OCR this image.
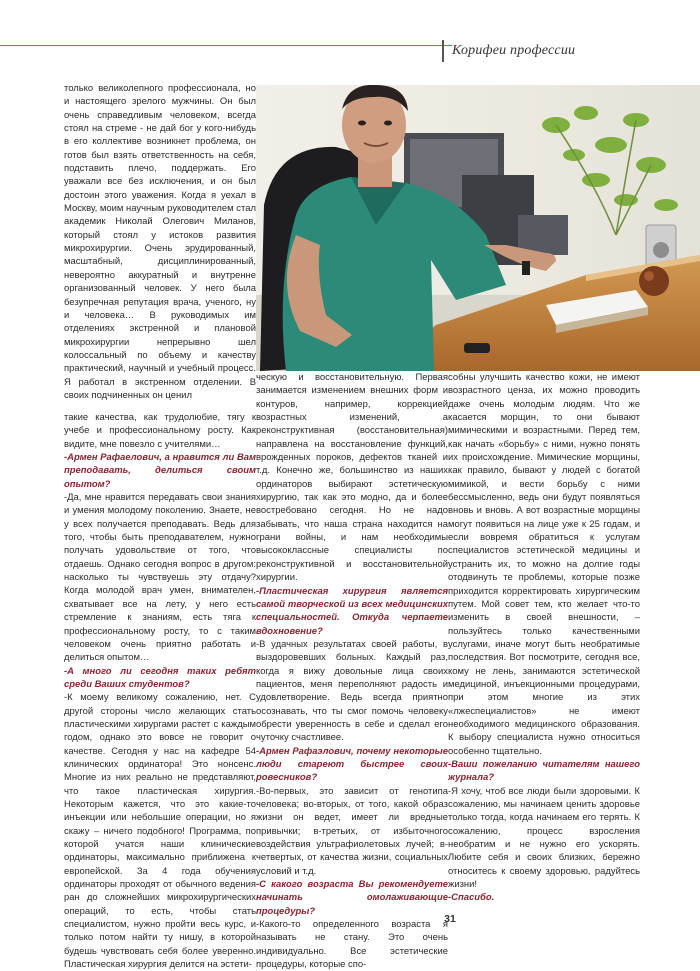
Корифеи профессии

только великолепного профессионала, но и настоящего зрелого мужчины. Он был очень справедливым человеком, всегда стоял на стреме - не дай бог у кого-нибудь в его коллективе возникнет проблема, он готов был взять ответственность на себя, подставить плечо, поддержать. Его уважали все без исключения, и он был достоин этого уважения. Когда я уехал в Москву, моим научным руководителем стал академик Николай Олегович Миланов, который стоял у истоков развития микрохирургии. Очень эрудированный, масштабный, дисциплинированный, невероятно аккуратный и внутренне организованный человек. У него была безупречная репутация врача, ученого, ну и человека… В руководимых им отделениях экстренной и плановой микрохирургии непрерывно шел колоссальный по объему и качеству практический, научный и учебный процесс. Я работал в экстренном отделении. В своих подчиненных он ценил

такие качества, как трудолюбие, тягу к учебе и профессиональному росту. Как видите, мне повезло с учителями…

-Армен Рафаелович, а нравится ли Вам преподавать, делиться своим опытом?

-Да, мне нравится передавать свои знания и умения молодому поколению. Знаете, не у всех получается преподавать. Ведь для того, чтобы быть преподавателем, нужно получать удовольствие от того, что отдаешь. Однако сегодня вопрос в другом: насколько ты чувствуешь эту отдачу? Когда молодой врач умен, внимателен, схватывает все на лету, у него есть стремление к знаниям, есть тяга к профессиональному росту, то с таким человеком очень приятно работать и делиться опытом…

-А много ли сегодня таких ребят среди Ваших студентов?

-К моему великому сожалению, нет. С другой стороны число желающих стать пластическими хирургами растет с каждым годом, однако это вовсе не говорит о качестве. Сегодня у нас на кафедре 54 клинических ординатора! Это нонсенс. Многие из них реально не представляют, что такое пластическая хирургия. Некоторым кажется, что это какие-то инъекции или небольшие операции, но я скажу – ничего подобного! Программа, по которой учатся наши клинические ординаторы, максимально приближена к европейской. За 4 года обучения ординаторы проходят от обычного ведения ран до сложнейших микрохирургических операций, то есть, чтобы стать специалистом, нужно пройти весь курс, и только потом найти ту нишу, в которой будешь чувствовать себя более уверенно. Пластическая хирургия делится на эстети-

ческую и восстановительную. Первая занимается изменением внешних форм и контуров, например, коррекцией возрастных изменений, а реконструктивная (восстановительная) направлена на восстановление функций, врожденных пороков, дефектов тканей и т.д. Конечно же, большинство из наших ординаторов выбирают эстетическую хирургию, так как это модно, да и более востребовано сегодня. Но не надо забывать, что наша страна находится на грани войны, и нам необходимы высококлассные специалисты по реконструктивной и восстановительной хирургии.

-Пластическая хирургия является самой творческой из всех медицинских специальностей. Откуда черпаете вдохновение?

-В удачных результатах своей работы, в выздоровевших больных. Каждый раз, когда я вижу довольные лица своих пациентов, меня переполняют радость и удовлетворение. Ведь всегда приятно осознавать, что ты смог помочь человеку обрести уверенность в себе и сделал его чуточку счастливее.

-Армен Рафаэлович, почему некоторые люди стареют быстрее своих ровесников?

-Во-первых, это зависит от генотипа человека; во-вторых, от того, какой образ жизни он ведет, имеет ли вредные привычки; в-третьих, от избыточного воздействия ультрафиолетовых лучей; в-четвертых, от качества жизни, социальных условий и т.д.

-С какого возраста Вы рекомендуете начинать омолаживающие процедуры?

-Какого-то определенного возраста я называть не стану. Это очень индивидуально. Все эстетические процедуры, которые спо-

собны улучшить качество кожи, не имеют возрастного ценза, их можно проводить даже очень молодым людям. Что же касается морщин, то они бывают мимическими и возрастными. Перед тем, как начать «борьбу» с ними, нужно понять их происхождение. Мимические морщины, как правило, бывают у людей с богатой мимикой, и вести борьбу с ними бессмысленно, ведь они будут появляться вновь и вновь. А вот возрастные морщины могут появиться на лице уже к 25 годам, и если вовремя обратиться к услугам специалистов эстетической медицины и устранить их, то можно на долгие годы отодвинуть те проблемы, которые позже приходится корректировать хирургическим путем. Мой совет тем, кто желает что-то изменить в своей внешности, – пользуйтесь только качественными услугами, иначе могут быть необратимые последствия. Вот посмотрите, сегодня все, кому не лень, занимаются эстетической медициной, инъекционными процедурами, при этом многие из этих «лжеспециалистов» не имеют необходимого медицинского образования. К выбору специалиста нужно относиться особенно тщательно.

-Ваши пожеланию читателям нашего журнала?

-Я хочу, чтоб все люди были здоровыми. К сожалению, мы начинаем ценить здоровье только тогда, когда начинаем его терять. К сожалению, процесс взросления необратим и не нужно его ускорять. Любите себя и своих близких, бережно относитесь к своему здоровью, радуйтесь жизни!

-Спасибо.

31
